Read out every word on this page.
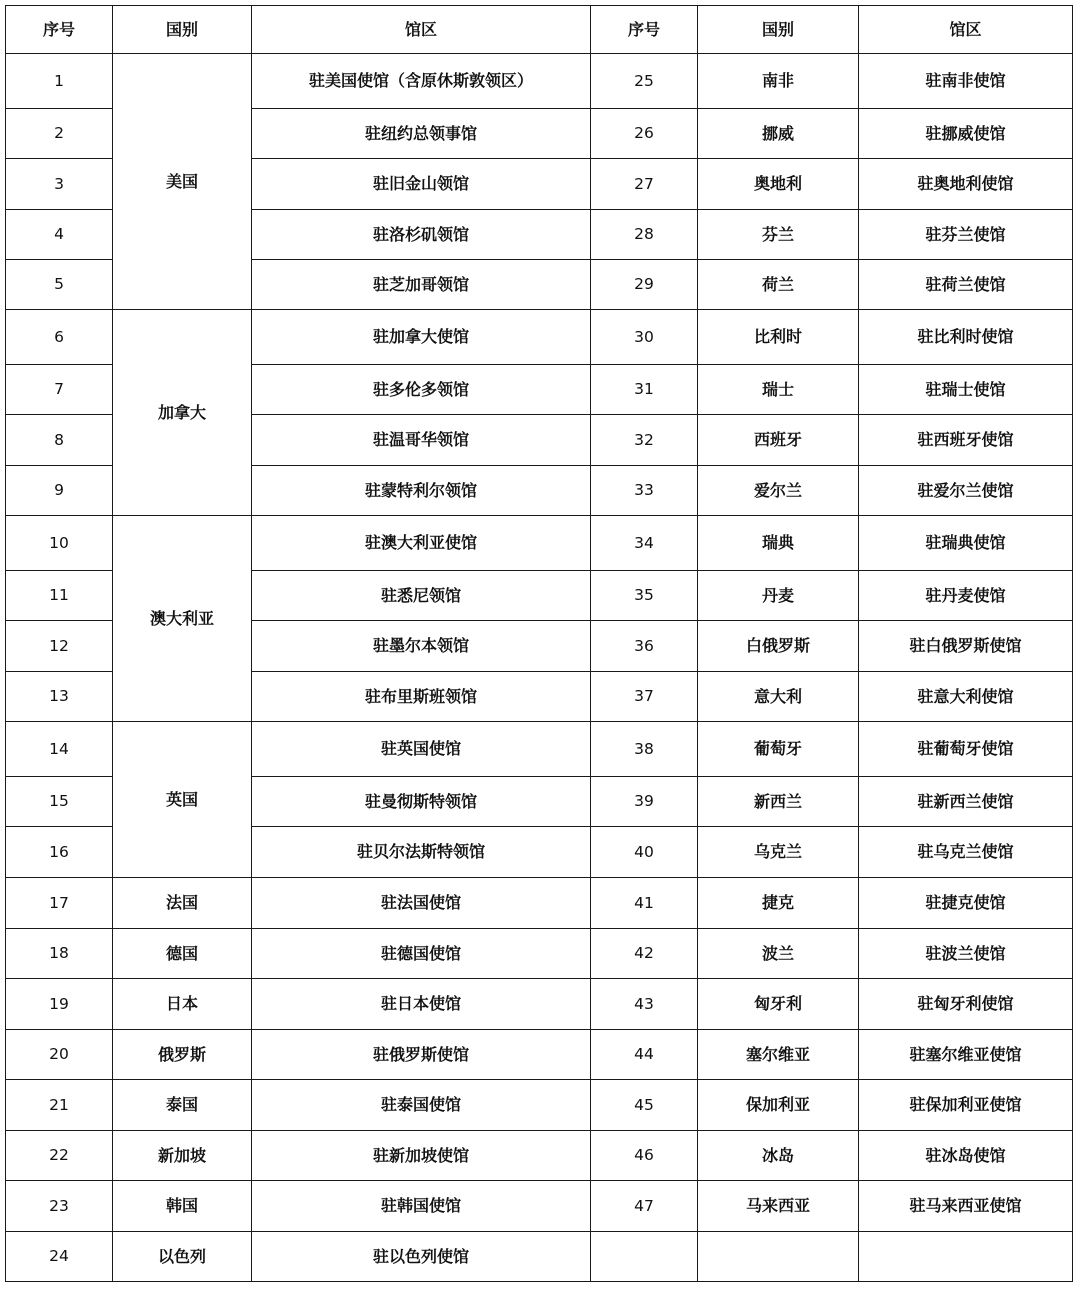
序号	国别	馆区	序号	国别	馆区
1	美国	驻美国使馆（含原休斯敦领区）	25	南非	驻南非使馆
2		驻纽约总领事馆	26	挪威	驻挪威使馆
3		驻旧金山领馆	27	奥地利	驻奥地利使馆
4		驻洛杉矶领馆	28	芬兰	驻芬兰使馆
5		驻芝加哥领馆	29	荷兰	驻荷兰使馆
6	加拿大	驻加拿大使馆	30	比利时	驻比利时使馆
7		驻多伦多领馆	31	瑞士	驻瑞士使馆
8		驻温哥华领馆	32	西班牙	驻西班牙使馆
9		驻蒙特利尔领馆	33	爱尔兰	驻爱尔兰使馆
10	澳大利亚	驻澳大利亚使馆	34	瑞典	驻瑞典使馆
11		驻悉尼领馆	35	丹麦	驻丹麦使馆
12		驻墨尔本领馆	36	白俄罗斯	驻白俄罗斯使馆
13		驻布里斯班领馆	37	意大利	驻意大利使馆
14	英国	驻英国使馆	38	葡萄牙	驻葡萄牙使馆
15		驻曼彻斯特领馆	39	新西兰	驻新西兰使馆
16		驻贝尔法斯特领馆	40	乌克兰	驻乌克兰使馆
17	法国	驻法国使馆	41	捷克	驻捷克使馆
18	德国	驻德国使馆	42	波兰	驻波兰使馆
19	日本	驻日本使馆	43	匈牙利	驻匈牙利使馆
20	俄罗斯	驻俄罗斯使馆	44	塞尔维亚	驻塞尔维亚使馆
21	泰国	驻泰国使馆	45	保加利亚	驻保加利亚使馆
22	新加坡	驻新加坡使馆	46	冰岛	驻冰岛使馆
23	韩国	驻韩国使馆	47	马来西亚	驻马来西亚使馆
24	以色列	驻以色列使馆			
